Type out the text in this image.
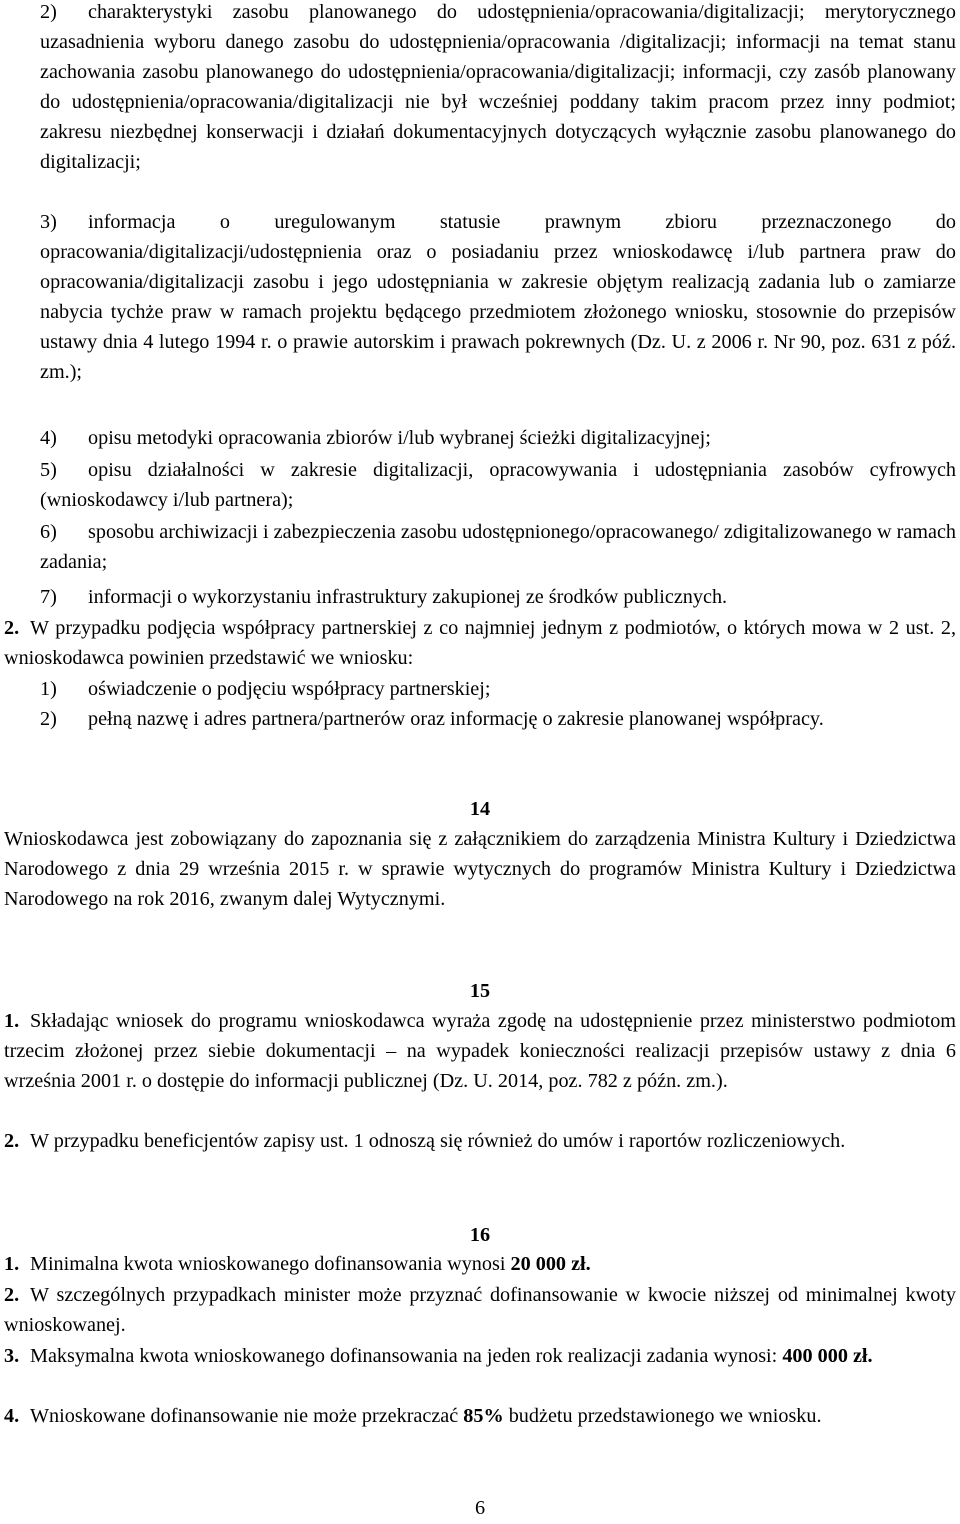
2) charakterystyki zasobu planowanego do udostępnienia/opracowania/digitalizacji; merytorycznego uzasadnienia wyboru danego zasobu do udostępnienia/opracowania /digitalizacji; informacji na temat stanu zachowania zasobu planowanego do udostępnienia/opracowania/digitalizacji; informacji, czy zasób planowany do udostępnienia/opracowania/digitalizacji nie był wcześniej poddany takim pracom przez inny podmiot; zakresu niezbędnej konserwacji i działań dokumentacyjnych dotyczących wyłącznie zasobu planowanego do digitalizacji;
3) informacja o uregulowanym statusie prawnym zbioru przeznaczonego do opracowania/digitalizacji/udostępnienia oraz o posiadaniu przez wnioskodawcę i/lub partnera praw do opracowania/digitalizacji zasobu i jego udostępniania w zakresie objętym realizacją zadania lub o zamiarze nabycia tychże praw w ramach projektu będącego przedmiotem złożonego wniosku, stosownie do przepisów ustawy dnia 4 lutego 1994 r. o prawie autorskim i prawach pokrewnych (Dz. U. z 2006 r. Nr 90, poz. 631 z póź. zm.);
4) opisu metodyki opracowania zbiorów i/lub wybranej ścieżki digitalizacyjnej;
5) opisu działalności w zakresie digitalizacji, opracowywania i udostępniania zasobów cyfrowych (wnioskodawcy i/lub partnera);
6) sposobu archiwizacji i zabezpieczenia zasobu udostępnionego/opracowanego/ zdigitalizowanego w ramach zadania;
7) informacji o wykorzystaniu infrastruktury zakupionej ze środków publicznych.
2. W przypadku podjęcia współpracy partnerskiej z co najmniej jednym z podmiotów, o których mowa w 2 ust. 2, wnioskodawca powinien przedstawić we wniosku:
1) oświadczenie o podjęciu współpracy partnerskiej;
2) pełną nazwę i adres partnera/partnerów oraz informację o zakresie planowanej współpracy.
14
Wnioskodawca jest zobowiązany do zapoznania się z załącznikiem do zarządzenia Ministra Kultury i Dziedzictwa Narodowego z dnia 29 września 2015 r. w sprawie wytycznych do programów Ministra Kultury i Dziedzictwa Narodowego na rok 2016, zwanym dalej Wytycznymi.
15
1. Składając wniosek do programu wnioskodawca wyraża zgodę na udostępnienie przez ministerstwo podmiotom trzecim złożonej przez siebie dokumentacji – na wypadek konieczności realizacji przepisów ustawy z dnia 6 września 2001 r. o dostępie do informacji publicznej (Dz. U. 2014, poz. 782 z późn. zm.).
2. W przypadku beneficjentów zapisy ust. 1 odnoszą się również do umów i raportów rozliczeniowych.
16
1. Minimalna kwota wnioskowanego dofinansowania wynosi 20 000 zł.
2. W szczególnych przypadkach minister może przyznać dofinansowanie w kwocie niższej od minimalnej kwoty wnioskowanej.
3. Maksymalna kwota wnioskowanego dofinansowania na jeden rok realizacji zadania wynosi: 400 000 zł.
4. Wnioskowane dofinansowanie nie może przekraczać 85% budżetu przedstawionego we wniosku.
6
